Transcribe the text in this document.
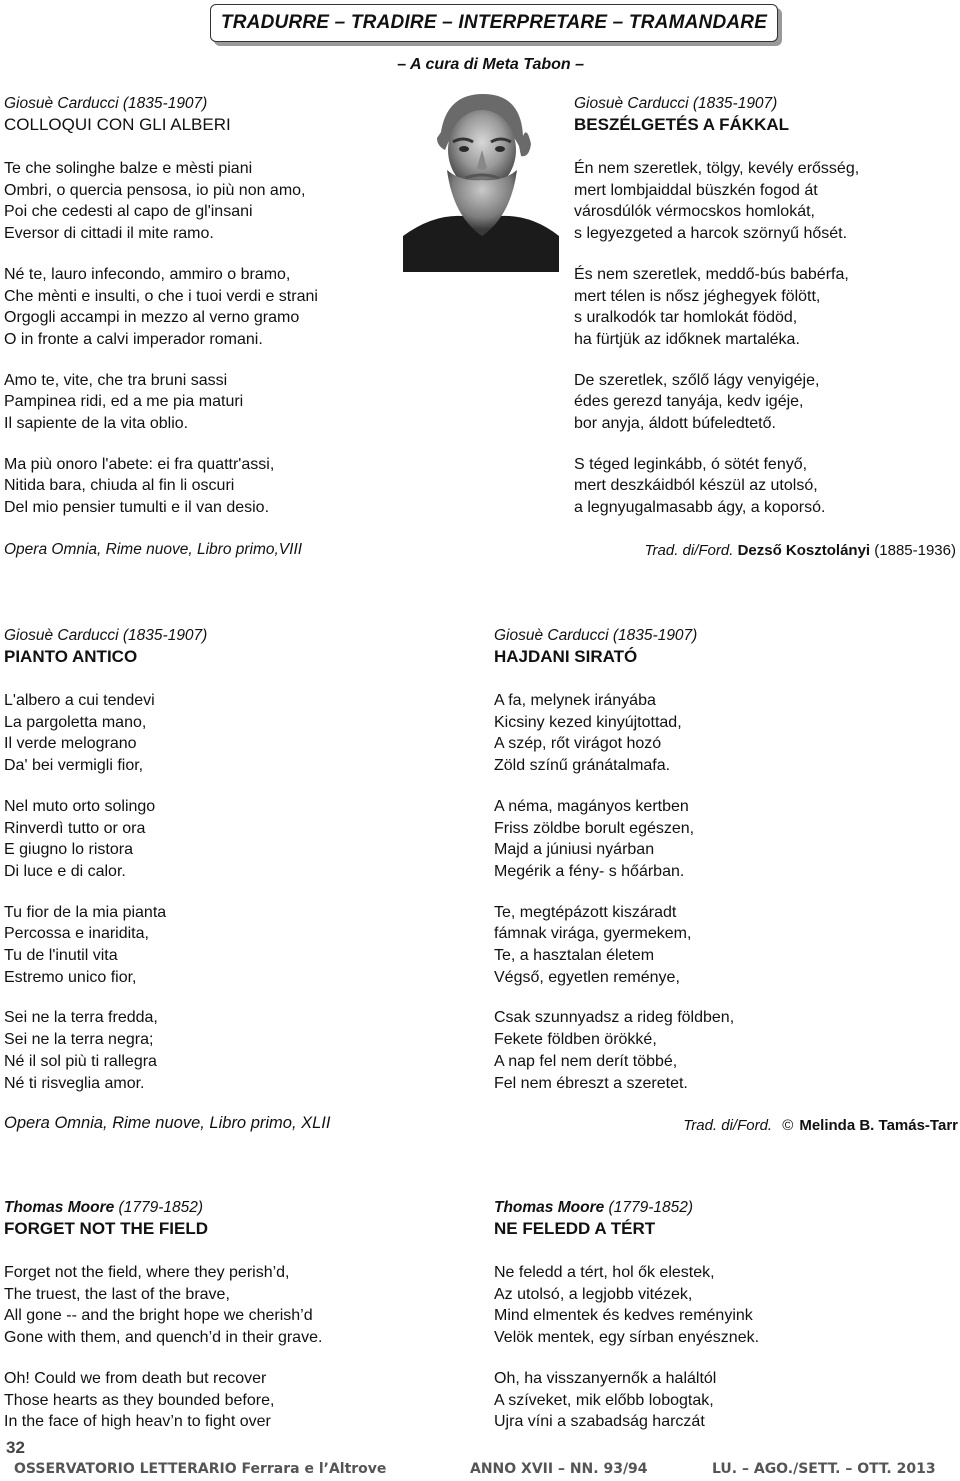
TRADURRE – TRADIRE – INTERPRETARE – TRAMANDARE
– A cura di Meta Tabon –
Giosuè Carducci (1835-1907)
COLLOQUI CON GLI ALBERI
Te che solinghe balze e mèsti piani
Ombri, o quercia pensosa, io più non amo,
Poi che cedesti al capo de gl'insani
Eversor di cittadi il mite ramo.
Né te, lauro infecondo, ammiro o bramo,
Che mènti e insulti, o che i tuoi verdi e strani
Orgogli accampi in mezzo al verno gramo
O in fronte a calvi imperador romani.
Amo te, vite, che tra bruni sassi
Pampinea ridi, ed a me pia maturi
Il sapiente de la vita oblio.
Ma più onoro l'abete: ei fra quattr'assi,
Nitida bara, chiuda al fin li oscuri
Del mio pensier tumulti e il van desio.
Opera Omnia, Rime nuove, Libro primo,VIII
Giosuè Carducci (1835-1907)
BESZÉLGETÉS A FÁKKAL
Én nem szeretlek, tölgy, kevély erősség,
mert lombjaiddal büszkén fogod át
városdúlók vérmocskos homlokát,
s legyezgeted a harcok szörnyű hősét.
És nem szeretlek, meddő-bús babérfa,
mert télen is nősz jéghegyek fölött,
s uralkodók tar homlokát födöd,
ha fürtjük az időknek martaléka.
De szeretlek, szőlő lágy venyigéje,
édes gerezd tanyája, kedv igéje,
bor anyja, áldott búfeledtető.
S téged leginkább, ó sötét fenyő,
mert deszkáidból készül az utolsó,
a legnyugalmasabb ágy, a koporsó.
Trad. di/Ford. Dezső Kosztolányi (1885-1936)
Giosuè Carducci (1835-1907)
PIANTO ANTICO
L'albero a cui tendevi
La pargoletta mano,
Il verde melograno
Da' bei vermigli fior,
Nel muto orto solingo
Rinverdì tutto or ora
E giugno lo ristora
Di luce e di calor.
Tu fior de la mia pianta
Percossa e inaridita,
Tu de l'inutil vita
Estremo unico fior,
Sei ne la terra fredda,
Sei ne la terra negra;
Né il sol più ti rallegra
Né ti risveglia amor.
Opera Omnia, Rime nuove, Libro primo, XLII
Giosuè Carducci (1835-1907)
HAJDANI SIRATÓ
A fa, melynek irányába
Kicsiny kezed kinyújtottad,
A szép, rőt virágot hozó
Zöld színű gránátalmafa.
A néma, magányos kertben
Friss zöldbe borult egészen,
Majd a júniusi nyárban
Megérik a fény- s hőárban.
Te, megtépázott kiszáradt
fámnak virága, gyermekem,
Te, a hasztalan életem
Végső, egyetlen reménye,
Csak szunnyadsz a rideg földben,
Fekete földben örökké,
A nap fel nem derít többé,
Fel nem ébreszt a szeretet.
Trad. di/Ford. © Melinda B. Tamás-Tarr
Thomas Moore (1779-1852)
FORGET NOT THE FIELD
Forget not the field, where they perish’d,
The truest, the last of the brave,
All gone -- and the bright hope we cherish’d
Gone with them, and quench’d in their grave.
Oh! Could we from death but recover
Those hearts as they bounded before,
In the face of high heav’n to fight over
Thomas Moore (1779-1852)
NE FELEDD A TÉRT
Ne feledd a tért, hol ők elestek,
Az utolsó, a legjobb vitézek,
Mind elmentek és kedves reményink
Velök mentek, egy sírban enyésznek.
Oh, ha visszanyernők a haláltól
A szíveket, mik előbb lobogtak,
Ujra víni a szabadság harczát
32
OSSERVATORIO LETTERARIO Ferrara e l’Altrove	ANNO XVII – NN. 93/94	LU. – AGO./SETT. – OTT. 2013
